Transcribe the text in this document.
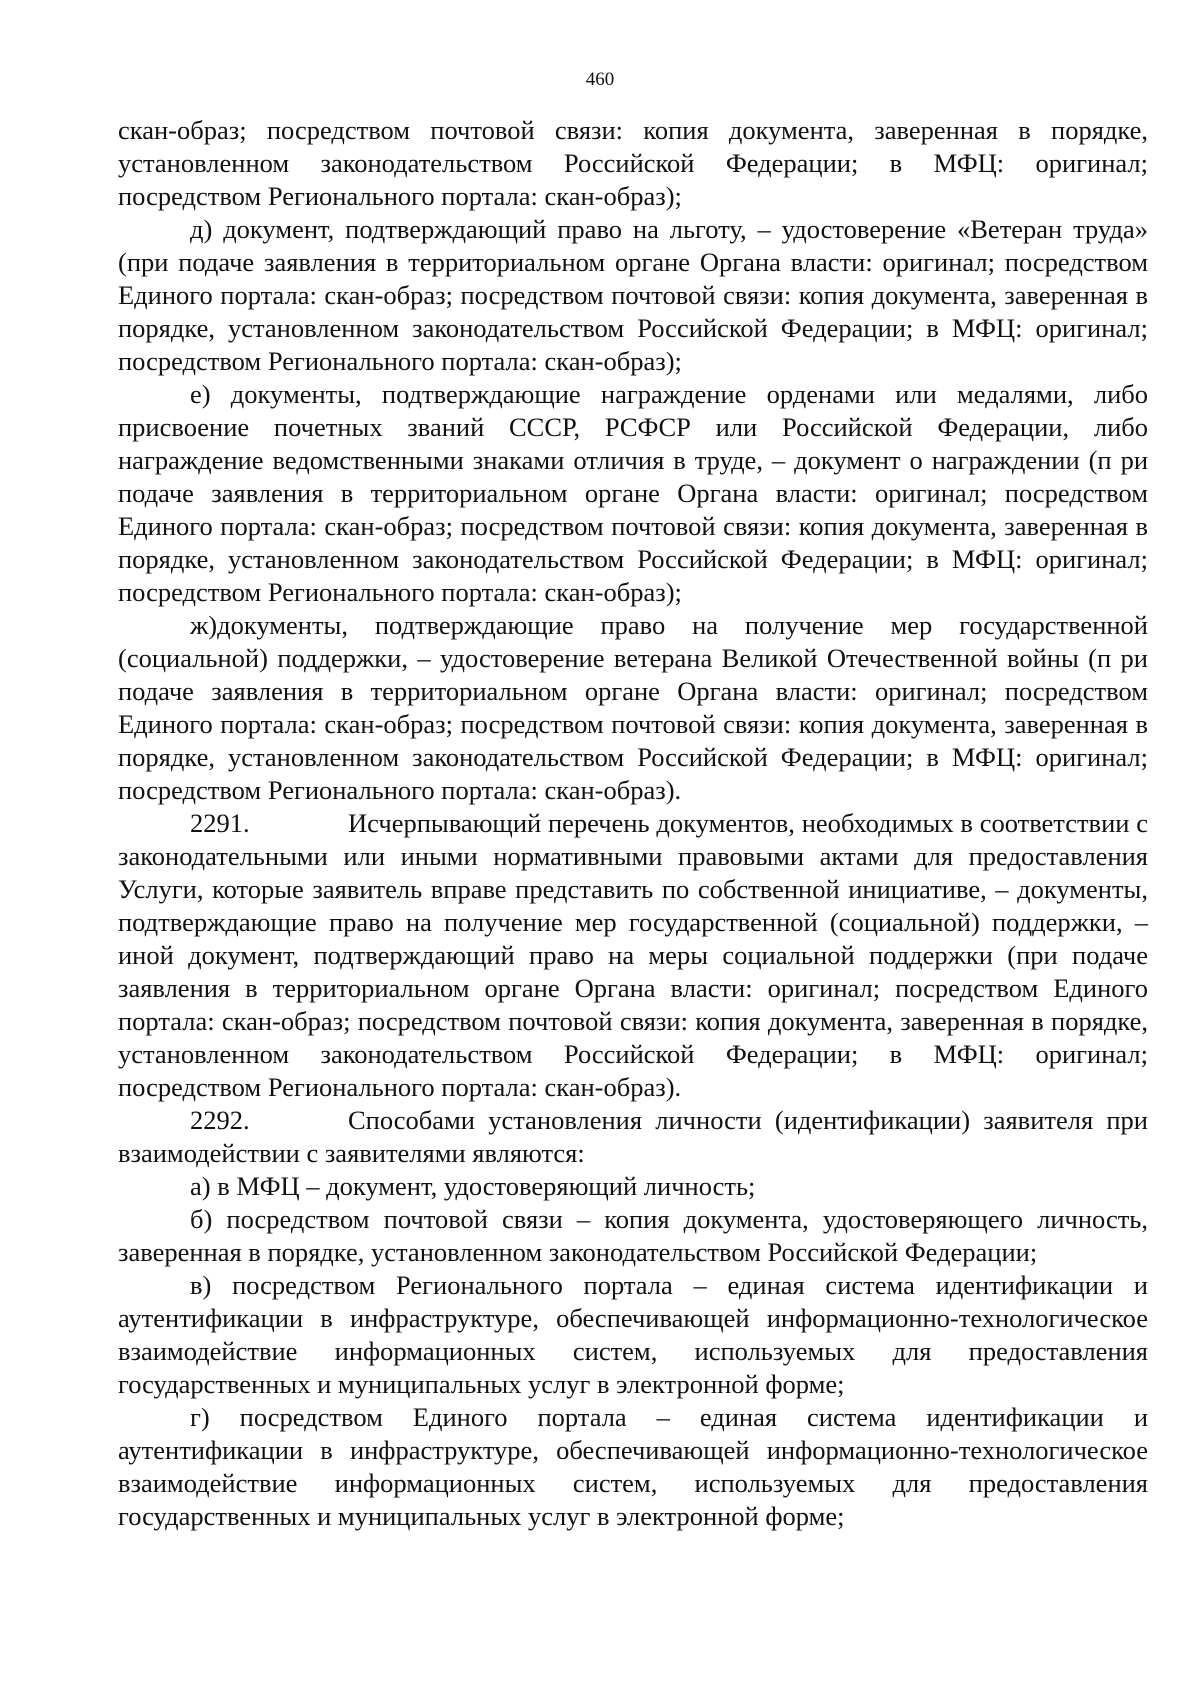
460

скан-образ; посредством почтовой связи: копия документа, заверенная в порядке, установленном законодательством Российской Федерации; в МФЦ: оригинал; посредством Регионального портала: скан-образ);

д) документ, подтверждающий право на льготу, – удостоверение «Ветеран труда» (при подаче заявления в территориальном органе Органа власти: оригинал; посредством Единого портала: скан-образ; посредством почтовой связи: копия документа, заверенная в порядке, установленном законодательством Российской Федерации; в МФЦ: оригинал; посредством Регионального портала: скан-образ);

е) документы, подтверждающие награждение орденами или медалями, либо присвоение почетных званий СССР, РСФСР или Российской Федерации, либо награждение ведомственными знаками отличия в труде, – документ о награждении (п ри подаче заявления в территориальном органе Органа власти: оригинал; посредством Единого портала: скан-образ; посредством почтовой связи: копия документа, заверенная в порядке, установленном законодательством Российской Федерации; в МФЦ: оригинал; посредством Регионального портала: скан-образ);

ж)документы, подтверждающие право на получение мер государственной (социальной) поддержки, – удостоверение ветерана Великой Отечественной войны (п ри подаче заявления в территориальном органе Органа власти: оригинал; посредством Единого портала: скан-образ; посредством почтовой связи: копия документа, заверенная в порядке, установленном законодательством Российской Федерации; в МФЦ: оригинал; посредством Регионального портала: скан-образ).

2291.	Исчерпывающий перечень документов, необходимых в соответствии с законодательными или иными нормативными правовыми актами для предоставления Услуги, которые заявитель вправе представить по собственной инициативе, – документы, подтверждающие право на получение мер государственной (социальной) поддержки, – иной документ, подтверждающий право на меры социальной поддержки (при подаче заявления в территориальном органе Органа власти: оригинал; посредством Единого портала: скан-образ; посредством почтовой связи: копия документа, заверенная в порядке, установленном законодательством Российской Федерации; в МФЦ: оригинал; посредством Регионального портала: скан-образ).

2292.	Способами установления личности (идентификации) заявителя при взаимодействии с заявителями являются:

а) в МФЦ – документ, удостоверяющий личность;

б) посредством почтовой связи – копия документа, удостоверяющего личность, заверенная в порядке, установленном законодательством Российской Федерации;

в) посредством Регионального портала – единая система идентификации и аутентификации в инфраструктуре, обеспечивающей информационно-технологическое взаимодействие информационных систем, используемых для предоставления государственных и муниципальных услуг в электронной форме;

г) посредством Единого портала – единая система идентификации и аутентификации в инфраструктуре, обеспечивающей информационно-технологическое взаимодействие информационных систем, используемых для предоставления государственных и муниципальных услуг в электронной форме;
